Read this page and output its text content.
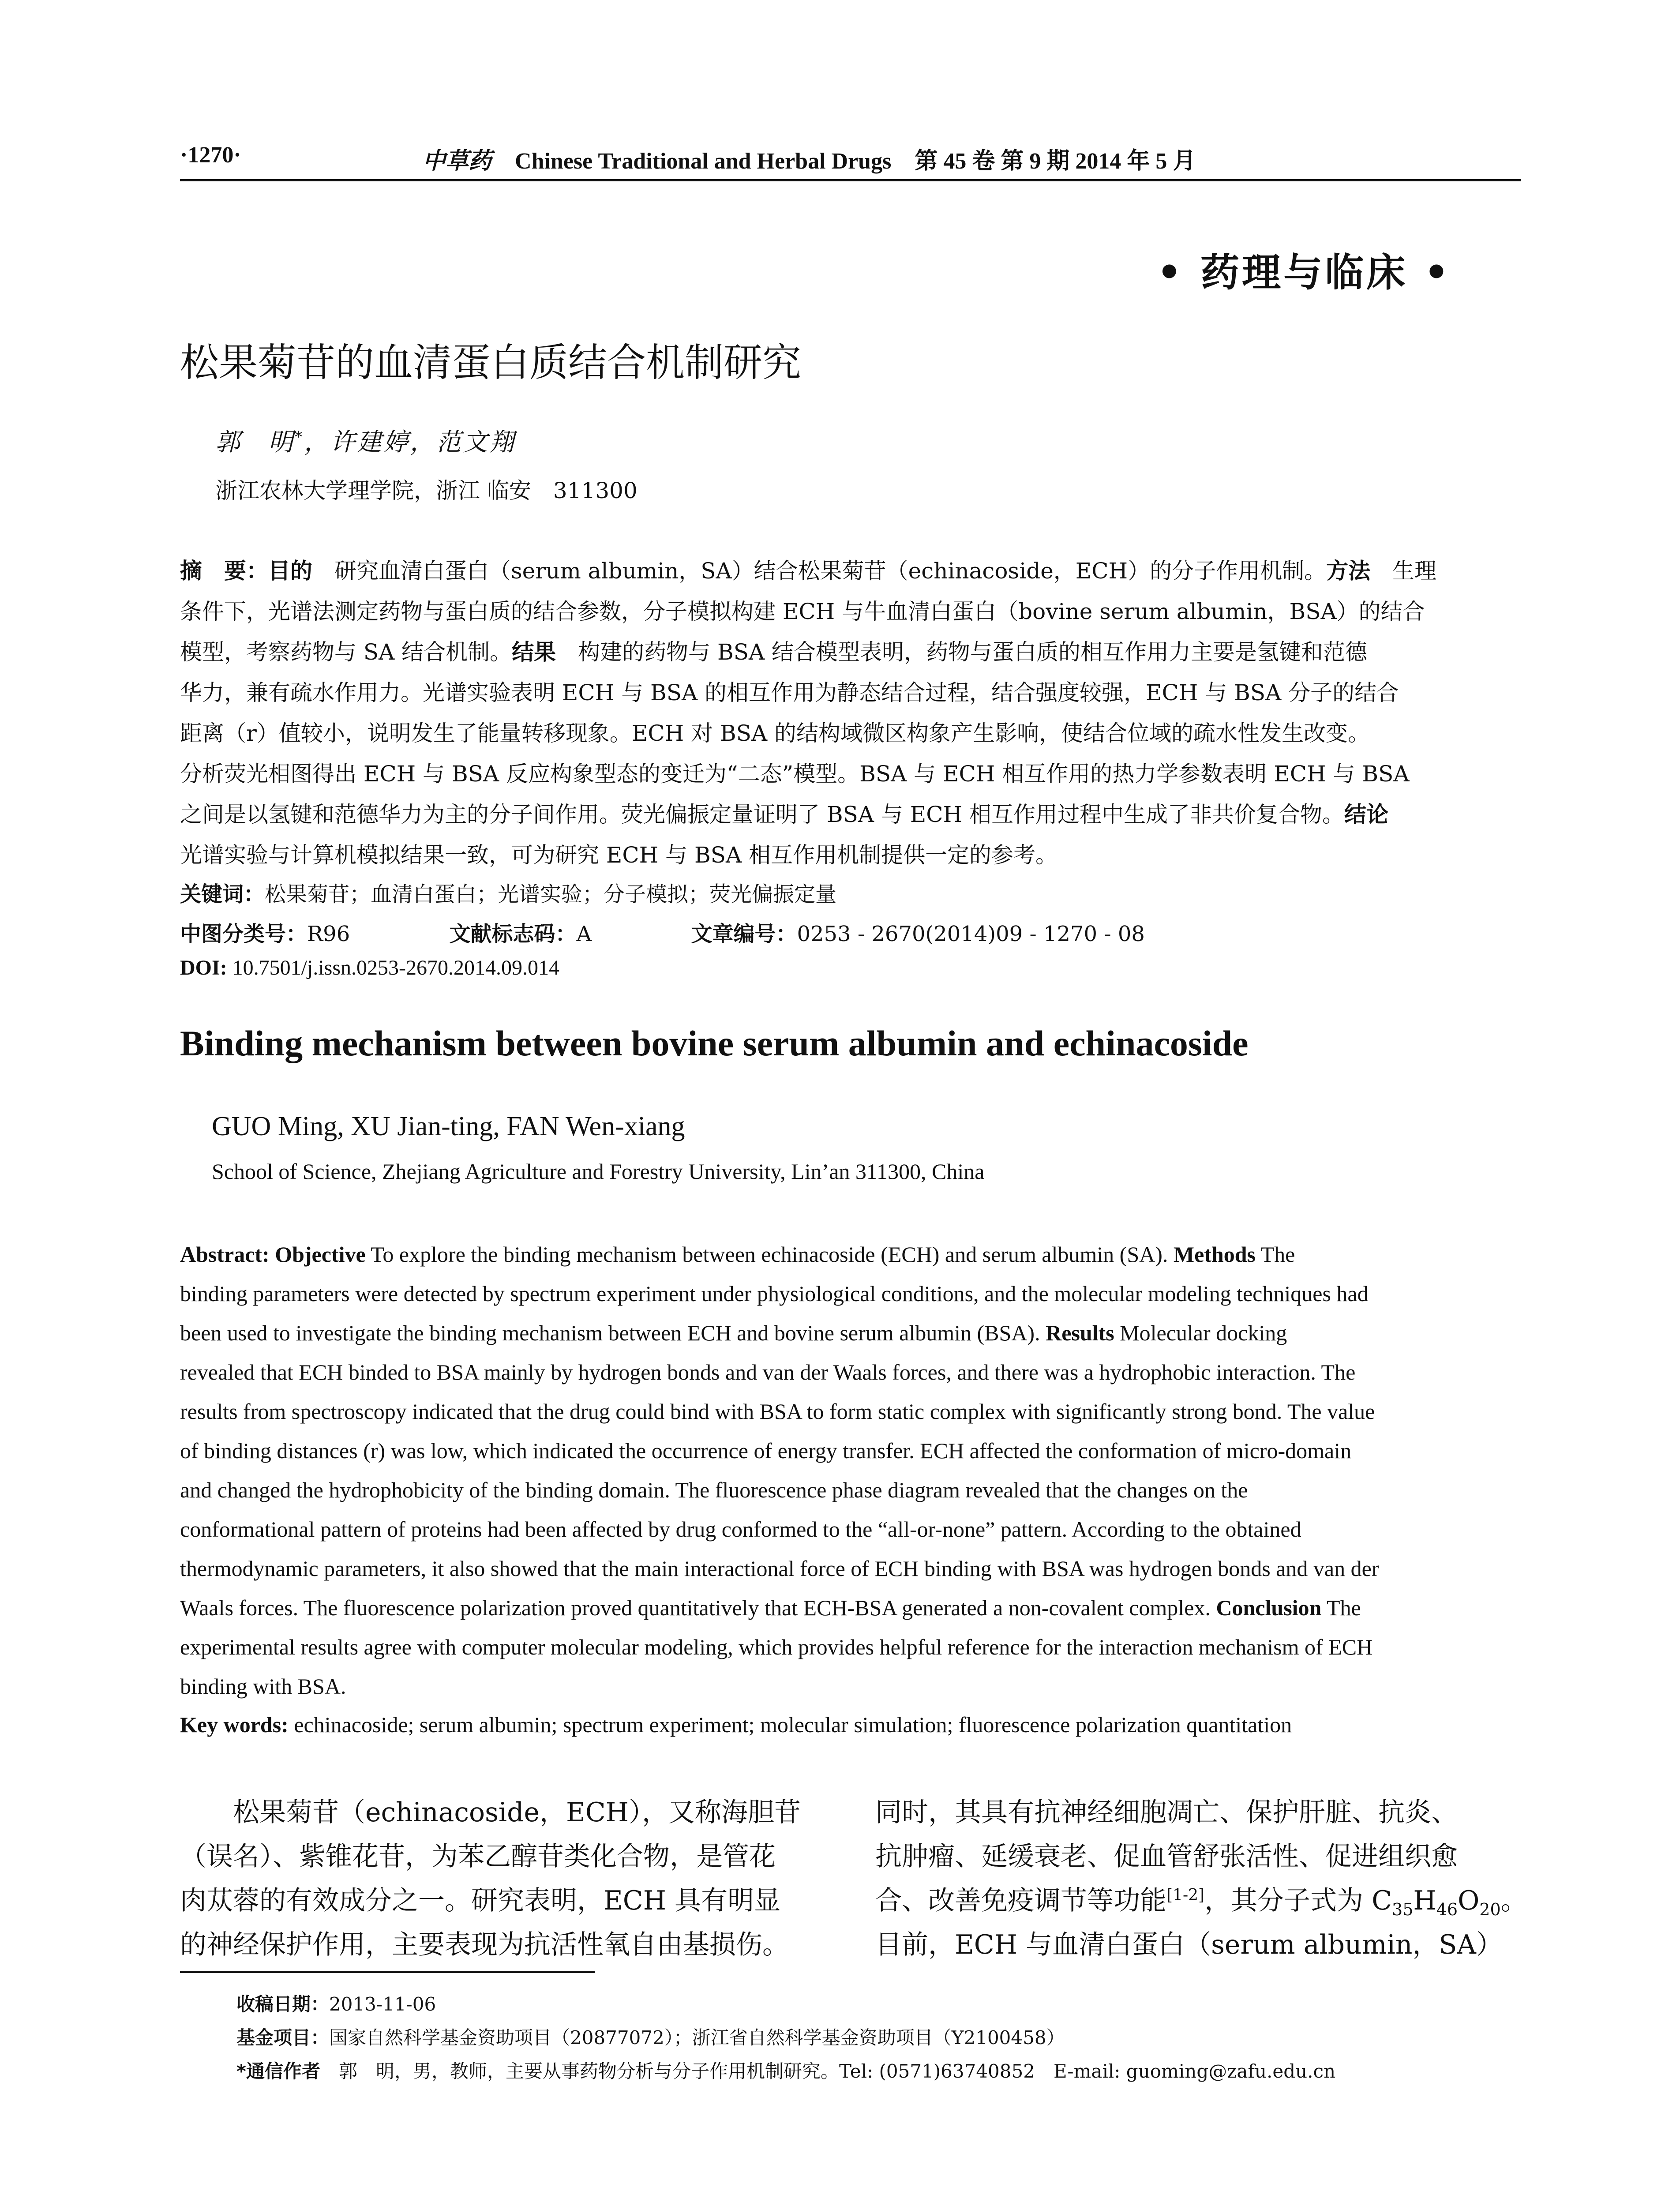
·1270·	中草药 Chinese Traditional and Herbal Drugs 第 45 卷 第 9 期 2014 年 5 月
• 药理与临床 •
松果菊苷的血清蛋白质结合机制研究
郭　明*，许建婷，范文翔
浙江农林大学理学院，浙江 临安　311300
摘　要：目的　研究血清白蛋白（serum albumin，SA）结合松果菊苷（echinacoside，ECH）的分子作用机制。方法　生理
条件下，光谱法测定药物与蛋白质的结合参数，分子模拟构建 ECH 与牛血清白蛋白（bovine serum albumin，BSA）的结合
模型，考察药物与 SA 结合机制。结果　构建的药物与 BSA 结合模型表明，药物与蛋白质的相互作用力主要是氢键和范德
华力，兼有疏水作用力。光谱实验表明 ECH 与 BSA 的相互作用为静态结合过程，结合强度较强，ECH 与 BSA 分子的结合
距离（r）值较小，说明发生了能量转移现象。ECH 对 BSA 的结构域微区构象产生影响，使结合位域的疏水性发生改变。
分析荧光相图得出 ECH 与 BSA 反应构象型态的变迁为“二态”模型。BSA 与 ECH 相互作用的热力学参数表明 ECH 与 BSA
之间是以氢键和范德华力为主的分子间作用。荧光偏振定量证明了 BSA 与 ECH 相互作用过程中生成了非共价复合物。结论
光谱实验与计算机模拟结果一致，可为研究 ECH 与 BSA 相互作用机制提供一定的参考。
关键词：松果菊苷；血清白蛋白；光谱实验；分子模拟；荧光偏振定量
中图分类号：R96	文献标志码：A	文章编号：0253 - 2670(2014)09 - 1270 - 08
DOI: 10.7501/j.issn.0253-2670.2014.09.014
Binding mechanism between bovine serum albumin and echinacoside
GUO Ming, XU Jian-ting, FAN Wen-xiang
School of Science, Zhejiang Agriculture and Forestry University, Lin’an 311300, China
Abstract: Objective To explore the binding mechanism between echinacoside (ECH) and serum albumin (SA). Methods The
binding parameters were detected by spectrum experiment under physiological conditions, and the molecular modeling techniques had
been used to investigate the binding mechanism between ECH and bovine serum albumin (BSA). Results Molecular docking
revealed that ECH binded to BSA mainly by hydrogen bonds and van der Waals forces, and there was a hydrophobic interaction. The
results from spectroscopy indicated that the drug could bind with BSA to form static complex with significantly strong bond. The value
of binding distances (r) was low, which indicated the occurrence of energy transfer. ECH affected the conformation of micro-domain
and changed the hydrophobicity of the binding domain. The fluorescence phase diagram revealed that the changes on the
conformational pattern of proteins had been affected by drug conformed to the “all-or-none” pattern. According to the obtained
thermodynamic parameters, it also showed that the main interactional force of ECH binding with BSA was hydrogen bonds and van der
Waals forces. The fluorescence polarization proved quantitatively that ECH-BSA generated a non-covalent complex. Conclusion The
experimental results agree with computer molecular modeling, which provides helpful reference for the interaction mechanism of ECH
binding with BSA.
Key words: echinacoside; serum albumin; spectrum experiment; molecular simulation; fluorescence polarization quantitation
　　松果菊苷（echinacoside，ECH），又称海胆苷
（误名）、紫锥花苷，为苯乙醇苷类化合物，是管花
肉苁蓉的有效成分之一。研究表明，ECH 具有明显
的神经保护作用，主要表现为抗活性氧自由基损伤。
同时，其具有抗神经细胞凋亡、保护肝脏、抗炎、
抗肿瘤、延缓衰老、促血管舒张活性、促进组织愈
合、改善免疫调节等功能[1-2]，其分子式为 $C_{35}H_{46}O_{20}$。
目前，ECH 与血清白蛋白（serum albumin，SA）
收稿日期：2013-11-06
基金项目：国家自然科学基金资助项目（20877072）；浙江省自然科学基金资助项目（Y2100458）
*通信作者　郭　明，男，教师，主要从事药物分析与分子作用机制研究。Tel: (0571)63740852　E-mail: guoming@zafu.edu.cn
